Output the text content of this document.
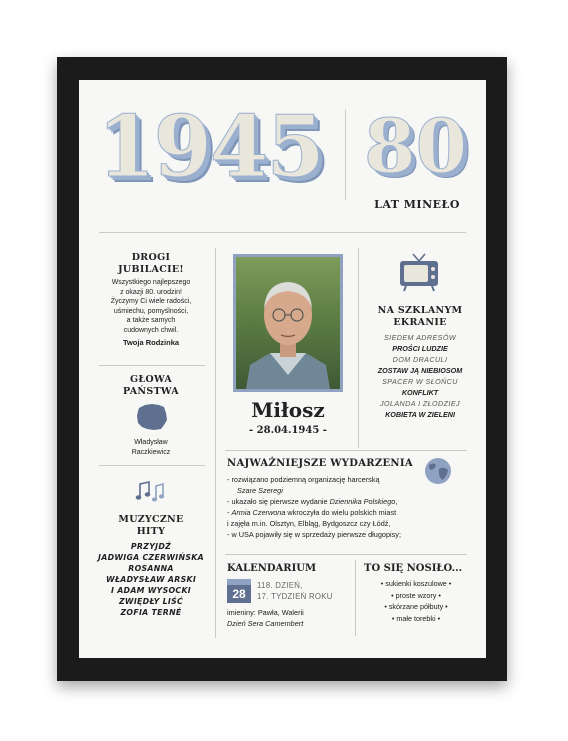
1945 80
LAT MINEŁO
DROGI
JUBILACIE!
Wszystkiego najlepszego
z okazji 80. urodzin!
Życzymy Ci wiele radości,
uśmiechu, pomyślności,
a także samych
cudownych chwil.
Twoja Rodzinka
GŁOWA
PAŃSTWA
Władysław
Raczkiewicz
MUZYCZNE
HITY
PRZYJDŹ
JADWIGA CZERWIŃSKA
ROSANNA
WŁADYSŁAW ARSKI
I ADAM WYSOCKI
ZWIĘDŁY LIŚĆ
ZOFIA TERNÉ
Miłosz
- 28.04.1945 -
NA SZKLANYM
EKRANIE
SIEDEM ADRESÓW
PROŚCI LUDZIE
DOM DRACULI
ZOSTAW JĄ NIEBIOSOM
SPACER W SŁOŃCU
KONFLIKT
JOLANDA I ZŁODZIEJ
KOBIETA W ZIELENI
NAJWAŻNIEJSZE WYDARZENIA
- rozwiązano podziemną organizację harcerską
Szare Szeregi
- ukazało się pierwsze wydanie Dziennika Polskiego,
- Armia Czerwona wkroczyła do wielu polskich miast
i zajęła m.in. Olsztyn, Elbląg, Bydgoszcz czy Łódź,
- w USA pojawiły się w sprzedaży pierwsze długopisy;
KALENDARIUM
28
118. DZIEŃ,
17. TYDZIEŃ ROKU
imieniny: Pawła, Walerii
Dzień Sera Camembert
TO SIĘ NOSIŁO...
• sukienki koszulowe •
• proste wzory •
• skórzane półbuty •
• małe torebki •
